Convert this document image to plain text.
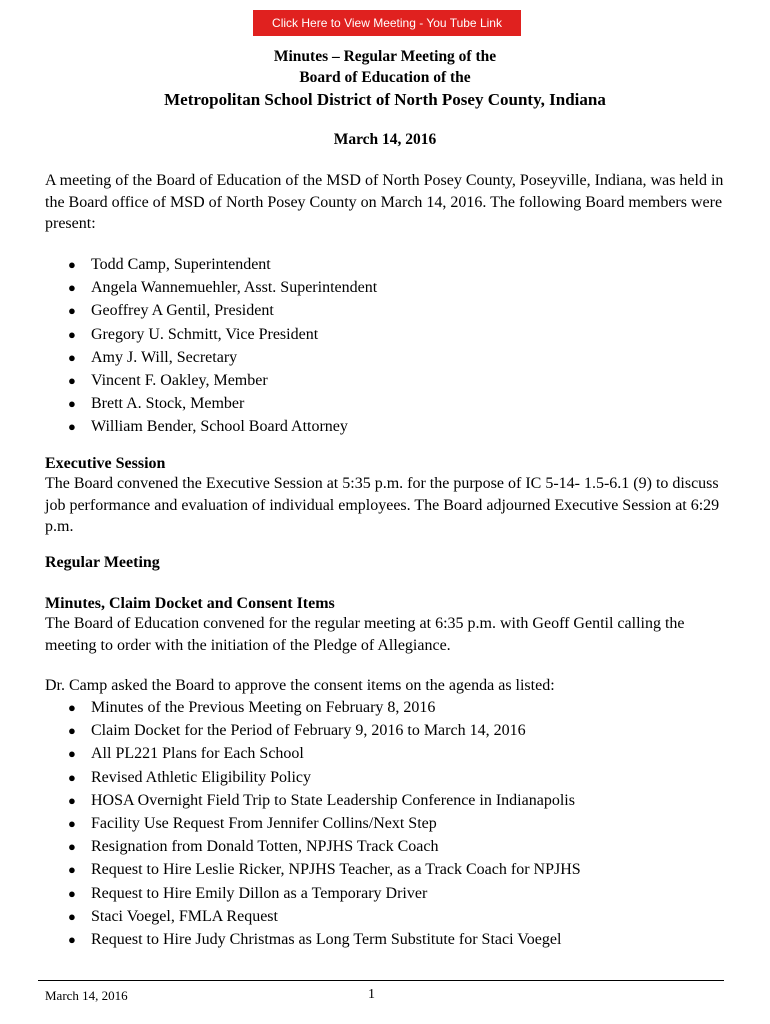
Click Here to View Meeting - You Tube Link
Minutes – Regular Meeting of the
Board of Education of the
Metropolitan School District of North Posey County, Indiana
March 14, 2016
A meeting of the Board of Education of the MSD of North Posey County, Poseyville, Indiana, was held in the Board office of MSD of North Posey County on March 14, 2016. The following Board members were present:
● Todd Camp, Superintendent
● Angela Wannemuehler, Asst. Superintendent
● Geoffrey A Gentil, President
● Gregory U. Schmitt, Vice President
● Amy J. Will, Secretary
● Vincent F. Oakley, Member
● Brett A. Stock, Member
● William Bender, School Board Attorney
Executive Session
The Board convened the Executive Session at 5:35 p.m. for the purpose of IC 5-14- 1.5-6.1 (9) to discuss job performance and evaluation of individual employees. The Board adjourned Executive Session at 6:29 p.m.
Regular Meeting
Minutes, Claim Docket and Consent Items
The Board of Education convened for the regular meeting at 6:35 p.m. with Geoff Gentil calling the meeting to order with the initiation of the Pledge of Allegiance.
Dr. Camp asked the Board to approve the consent items on the agenda as listed:
● Minutes of the Previous Meeting on February 8, 2016
● Claim Docket for the Period of February 9, 2016 to March 14, 2016
● All PL221 Plans for Each School
● Revised Athletic Eligibility Policy
● HOSA Overnight Field Trip to State Leadership Conference in Indianapolis
● Facility Use Request From Jennifer Collins/Next Step
● Resignation from Donald Totten, NPJHS Track Coach
● Request to Hire Leslie Ricker, NPJHS Teacher, as a Track Coach for NPJHS
● Request to Hire Emily Dillon as a Temporary Driver
● Staci Voegel, FMLA Request
● Request to Hire Judy Christmas as Long Term Substitute for Staci Voegel
March 14, 2016	1
